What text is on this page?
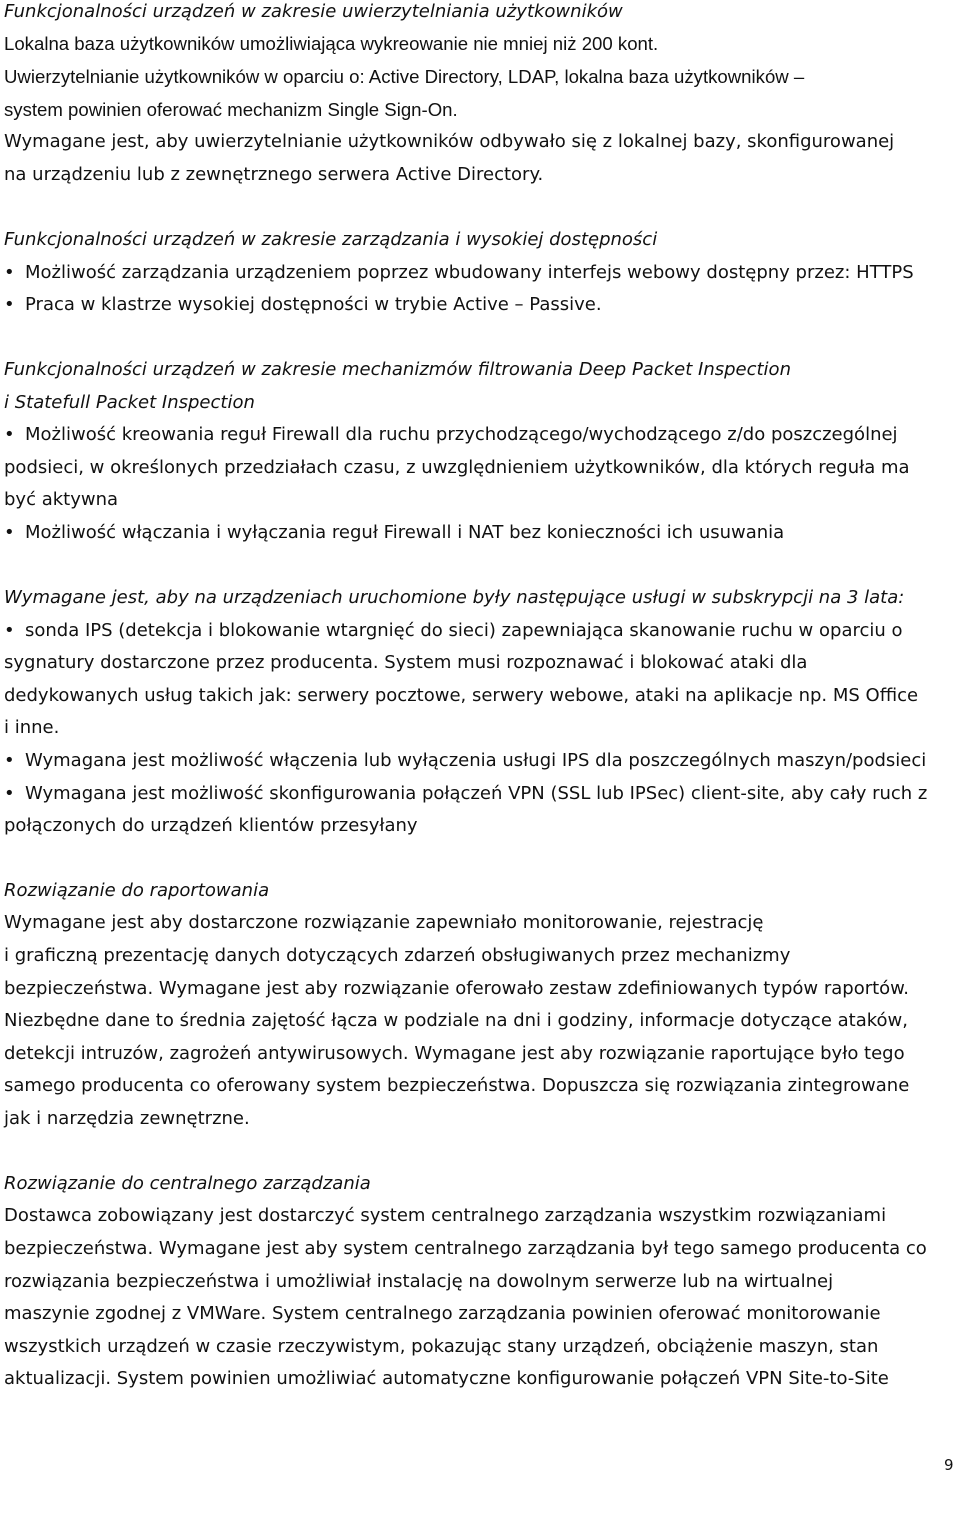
Funkcjonalności urządzeń w zakresie uwierzytelniania użytkowników
Lokalna baza użytkowników umożliwiająca wykreowanie nie mniej niż 200 kont.
Uwierzytelnianie użytkowników w oparciu o: Active Directory, LDAP, lokalna baza użytkowników –
system powinien oferować mechanizm Single Sign-On.
Wymagane jest, aby uwierzytelnianie użytkowników odbywało się z lokalnej bazy, skonfigurowanej
na urządzeniu lub z zewnętrznego serwera Active Directory.
Funkcjonalności urządzeń w zakresie zarządzania i wysokiej dostępności
• Możliwość zarządzania urządzeniem poprzez wbudowany interfejs webowy dostępny przez: HTTPS
• Praca w klastrze wysokiej dostępności w trybie Active – Passive.
Funkcjonalności urządzeń w zakresie mechanizmów filtrowania Deep Packet Inspection
i Statefull Packet Inspection
• Możliwość kreowania reguł Firewall dla ruchu przychodzącego/wychodzącego z/do poszczególnej
podsieci, w określonych przedziałach czasu, z uwzględnieniem użytkowników, dla których reguła ma
być aktywna
• Możliwość włączania i wyłączania reguł Firewall i NAT bez konieczności ich usuwania
Wymagane jest, aby na urządzeniach uruchomione były następujące usługi w subskrypcji na 3 lata:
• sonda IPS (detekcja i blokowanie wtargnięć do sieci) zapewniająca skanowanie ruchu w oparciu o
sygnatury dostarczone przez producenta. System musi rozpoznawać i blokować ataki dla
dedykowanych usług takich jak: serwery pocztowe, serwery webowe, ataki na aplikacje np. MS Office
i inne.
• Wymagana jest możliwość włączenia lub wyłączenia usługi IPS dla poszczególnych maszyn/podsieci
• Wymagana jest możliwość skonfigurowania połączeń VPN (SSL lub IPSec) client-site, aby cały ruch z
połączonych do urządzeń klientów przesyłany
Rozwiązanie do raportowania
Wymagane jest aby dostarczone rozwiązanie zapewniało monitorowanie, rejestrację
i graficzną prezentację danych dotyczących zdarzeń obsługiwanych przez mechanizmy
bezpieczeństwa. Wymagane jest aby rozwiązanie oferowało zestaw zdefiniowanych typów raportów.
Niezbędne dane to średnia zajętość łącza w podziale na dni i godziny, informacje dotyczące ataków,
detekcji intruzów, zagrożeń antywirusowych. Wymagane jest aby rozwiązanie raportujące było tego
samego producenta co oferowany system bezpieczeństwa. Dopuszcza się rozwiązania zintegrowane
jak i narzędzia zewnętrzne.
Rozwiązanie do centralnego zarządzania
Dostawca zobowiązany jest dostarczyć system centralnego zarządzania wszystkim rozwiązaniami
bezpieczeństwa. Wymagane jest aby system centralnego zarządzania był tego samego producenta co
rozwiązania bezpieczeństwa i umożliwiał instalację na dowolnym serwerze lub na wirtualnej
maszynie zgodnej z VMWare. System centralnego zarządzania powinien oferować monitorowanie
wszystkich urządzeń w czasie rzeczywistym, pokazując stany urządzeń, obciążenie maszyn, stan
aktualizacji. System powinien umożliwiać automatyczne konfigurowanie połączeń VPN Site-to-Site
9
